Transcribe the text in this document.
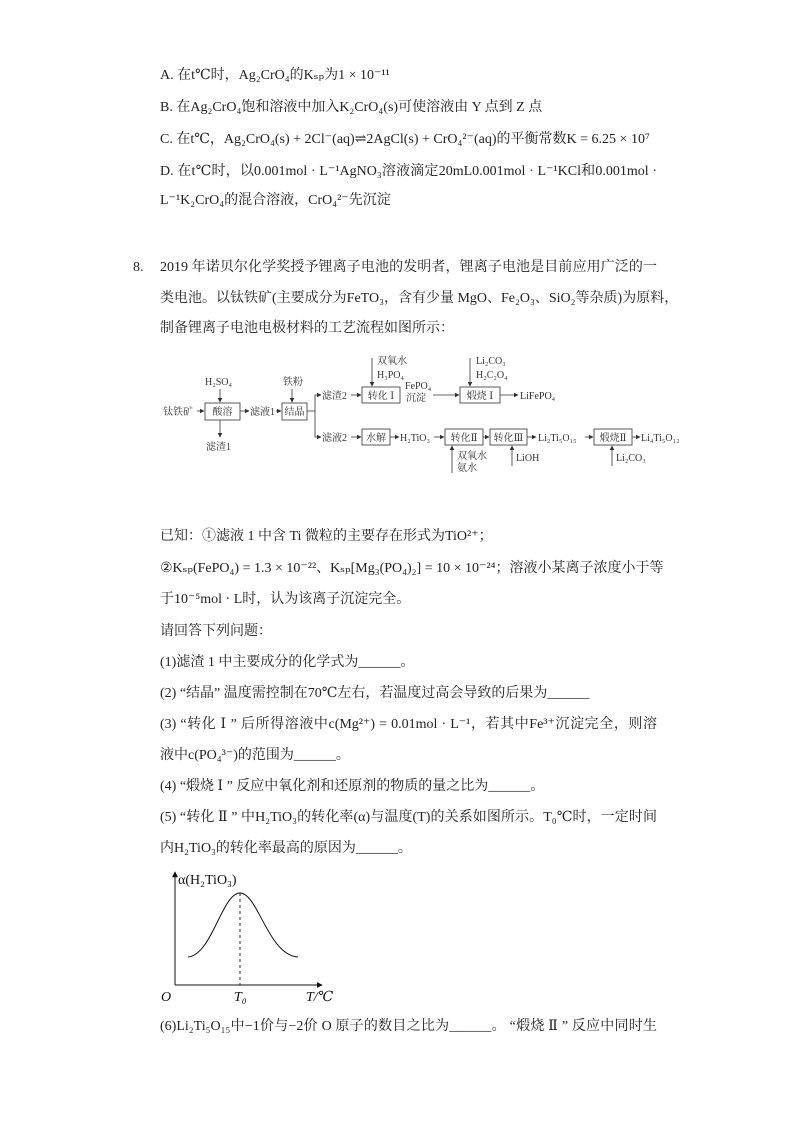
A. 在t℃时，Ag₂CrO₄的Kₛₚ为1 × 10⁻¹¹
B. 在Ag₂CrO₄饱和溶液中加入K₂CrO₄(s)可使溶液由 Y 点到 Z 点
C. 在t℃，Ag₂CrO₄(s) + 2Cl⁻(aq)⇌2AgCl(s) + CrO₄²⁻(aq)的平衡常数K = 6.25 × 10⁷
D. 在t℃时，以0.001mol · L⁻¹AgNO₃溶液滴定20mL0.001mol · L⁻¹KCl和0.001mol ·
L⁻¹K₂CrO₄的混合溶液，CrO₄²⁻先沉淀
8. 2019 年诺贝尔化学奖授予锂离子电池的发明者，锂离子电池是目前应用广泛的一
类电池。以钛铁矿(主要成分为FeTO₃，含有少量 MgO、Fe₂O₃、SiO₂等杂质)为原料，
制备锂离子电池电极材料的工艺流程如图所示：
钛铁矿
H₂SO₄
酸溶
滤渣1
滤液1
铁粉
结晶
滤渣2 转化 Ⅰ
双氧水
H₃PO₄
FePO₄
沉淀	煅烧 Ⅰ
Li₂CO₃
H₂C₂O₄
LiFePO₄
滤液2 水解 H₂TiO₃ 转化Ⅱ
双氧水
氨水
转化Ⅲ
LiOH
Li₂Ti₅O₁₅ 煅烧Ⅱ
Li₂CO₃
Li₄Ti₅O₁₂
已知：①滤液 1 中含 Ti 微粒的主要存在形式为TiO²⁺；
②Kₛₚ(FePO₄) = 1.3 × 10⁻²²、Kₛₚ[Mg₃(PO₄)₂] = 10 × 10⁻²⁴；溶液小某离子浓度小于等
于10⁻⁵mol · L时，认为该离子沉淀完全。
请回答下列问题：
(1)滤渣 1 中主要成分的化学式为______。
(2) “结晶” 温度需控制在70℃左右，若温度过高会导致的后果为______
(3) “转化 Ⅰ ” 后所得溶液中c(Mg²⁺) = 0.01mol · L⁻¹，若其中Fe³⁺沉淀完全，则溶
液中c(PO₄³⁻)的范围为______。
(4) “煅烧 Ⅰ ” 反应中氧化剂和还原剂的物质的量之比为______。
(5) “转化 Ⅱ ” 中H₂TiO₃的转化率(α)与温度(T)的关系如图所示。T₀℃时，一定时间
内H₂TiO₃的转化率最高的原因为______。
α(H₂TiO₃)
O	T₀	T/℃
(6)Li₂Ti₅O₁₅中−1价与−2价 O 原子的数目之比为______。 “煅烧 Ⅱ ” 反应中同时生
